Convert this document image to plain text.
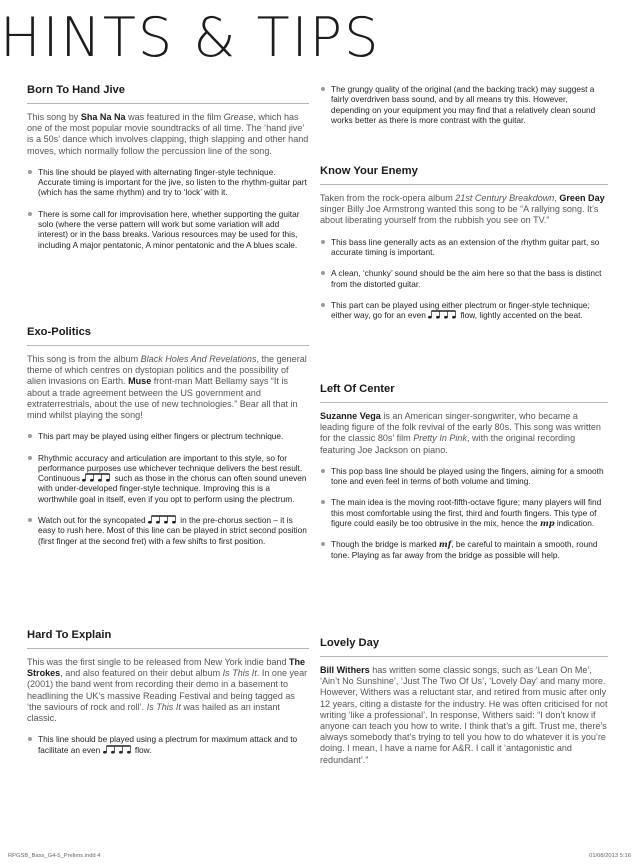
HINTS & TIPS
Born To Hand Jive

This song by Sha Na Na was featured in the film Grease, which has one of the most popular movie soundtracks of all time. The ‘hand jive’ is a 50s’ dance which involves clapping, thigh slapping and other hand moves, which normally follow the percussion line of the song.

This line should be played with alternating finger-style technique. Accurate timing is important for the jive, so listen to the rhythm-guitar part (which has the same rhythm) and try to ‘lock’ with it.
There is some call for improvisation here, whether supporting the guitar solo (where the verse pattern will work but some variation will add interest) or in the bass breaks. Various resources may be used for this, including A major pentatonic, A minor pentatonic and the A blues scale.
Exo-Politics

This song is from the album Black Holes And Revelations, the general theme of which centres on dystopian politics and the possibility of alien invasions on Earth. Muse front-man Matt Bellamy says “It is about a trade agreement between the US government and extraterrestrials, about the use of new technologies.” Bear all that in mind whilst playing the song!

This part may be played using either fingers or plectrum technique.
Rhythmic accuracy and articulation are important to this style, so for performance purposes use whichever technique delivers the best result. Continuous	such as those in the chorus can often sound uneven with under-developed finger-style technique. Improving this is a worthwhile goal in itself, even if you opt to perform using the plectrum.
Watch out for the syncopated	in the pre-chorus section – it is easy to rush here. Most of this line can be played in strict second position (first finger at the second fret) with a few shifts to first position.
Hard To Explain

This was the first single to be released from New York indie band The Strokes, and also featured on their debut album Is This It. In one year (2001) the band went from recording their demo in a basement to headlining the UK’s massive Reading Festival and being tagged as ‘the saviours of rock and roll’. Is This It was hailed as an instant classic.

This line should be played using a plectrum for maximum attack and to facilitate an even	flow.
The grungy quality of the original (and the backing track) may suggest a fairly overdriven bass sound, and by all means try this. However, depending on your equipment you may find that a relatively clean sound works better as there is more contrast with the guitar.
Know Your Enemy

Taken from the rock-opera album 21st Century Breakdown, Green Day singer Billy Joe Armstrong wanted this song to be “A rallying song. It’s about liberating yourself from the rubbish you see on TV.”

This bass line generally acts as an extension of the rhythm guitar part, so accurate timing is important.
A clean, ‘chunky’ sound should be the aim here so that the bass is distinct from the distorted guitar.
This part can be played using either plectrum or finger-style technique; either way, go for an even	flow, lightly accented on the beat.
Left Of Center

Suzanne Vega is an American singer-songwriter, who became a leading figure of the folk revival of the early 80s. This song was written for the classic 80s’ film Pretty In Pink, with the original recording featuring Joe Jackson on piano.

This pop bass line should be played using the fingers, aiming for a smooth tone and even feel in terms of both volume and timing.
The main idea is the moving root-fifth-octave figure; many players will find this most comfortable using the first, third and fourth fingers. This type of figure could easily be too obtrusive in the mix, hence the mp indication.
Though the bridge is marked mf, be careful to maintain a smooth, round tone. Playing as far away from the bridge as possible will help.
Lovely Day

Bill Withers has written some classic songs, such as ‘Lean On Me’, ‘Ain’t No Sunshine’, ‘Just The Two Of Us’, ‘Lovely Day’ and many more. However, Withers was a reluctant star, and retired from music after only 12 years, citing a distaste for the industry. He was often criticised for not writing ‘like a professional’. In response, Withers said: “I don’t know if anyone can teach you how to write. I think that’s a gift. Trust me, there’s always somebody that’s trying to tell you how to do whatever it is you’re doing. I mean, I have a name for A&R. I call it ‘antagonistic and redundant’.”

RPGSB_Bass_G4-5_Prelims.indd 4	01/08/2013 5:16
